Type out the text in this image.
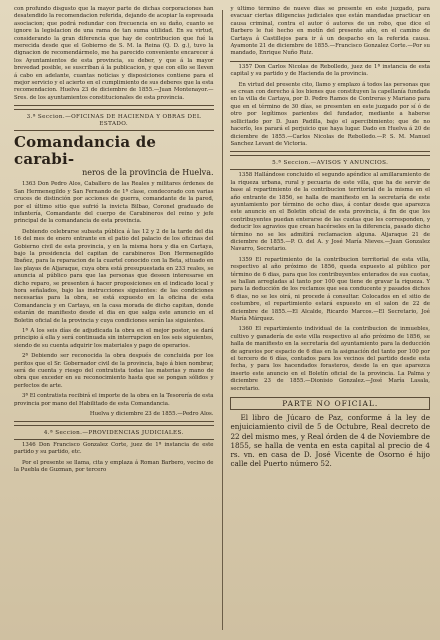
con profundo disgusto que la mayor parte de dichas corporaciones han desatendido la recomendacion referida, dejando de acopiar la espresada asociacion; que podrá redundar con frecuencia en su daño, cuanto se ignore la legislacion de una rama de tan suma utilidad. En su virtud, considerando la gran diferencia que hay de contribucion que fué la merecida desde que el Gobierno de S. M. la Reina (Q. D. g.), tuvo la dignacion de recomendármelo, me ha parecido conveniente encarecer á los Ayuntamientos de esta provincia, su deber, y que á la mayor brevedad posible, se suscriban á la publicacion, y que con ello se lleven á cabo en adelante, cuantas noticias y disposiciones contiene para el mejor servicio y el acierto en el cumplimiento de sus deberes que la esta recomendacion. Huelva 23 de diciembre de 1855.—Juan Montenayor.—Sres. de los ayuntamientos constitucionales de esta provincia.

3.ª Seccion.—OFICINAS DE HACIENDA Y OBRAS DEL ESTADO.
Comandancia de carabi-
neros de la provincia de Huelva.

1363 Don Pedro Alos, Caballero de las Reales y militares órdenes de San Hermenegildo y San Fernando de 1ª clase, condecorado con varias cruces de distinción por acciones de guerra, comandante de la pared, por el último sitio que sufrió la invicta Bilbao, Coronel graduado de infantería, Comandante del cuerpo de Carabineros del reino y jefe principal de la comandancia de esta provincia.

Debiendo celebrarse subasta pública á las 12 y 2 de la tarde del dia 16 del mes de enero entrante en el patio del palacio de los oficinas del Gobierno civil de esta provincia, y en la misma hora y dia en Cartaya, bajo la presidencia del capitan de carabineros Don Hermenegildo Ibañez, para la reparacion de la cuartel conocido con la Beta, situado en las playas de Aljaraque, cuya obra está presupuestada en 233 reales, se anuncia al público para que las personas que deseen interesarse en dicho reparo, se presenten á hacer proposiciones en el indicado local y hora señalados, bajo las instrucciones siguientes: de las condiciones necesarias para la obra, se está expuesto en la oficina de esta Comandancia y en Cartaya, en la casa morada de dicho capitan, donde estarán de manifiesto desde el dia en que salga este anuncio en el Boletin oficial de la provincia y cuya condiciones serán las siguientes.

1ª A los seis días de adjudicada la obra en el mejor postor, se dará principio á ella y será continuada sin interrupcion en los seis siguientes, siendo de su cuenta adquirir los materiales y pago de operarios.

2ª Debiendo ser reconocida la obra después de concluida por los peritos que el Sr. Gobernador civil de la provincia, bajo á bien nombrar, será de cuenta y riesgo del contratista todas las materias y mano de obra que exceder en su reconocimiento hasta que se pongan sólidos y perfectos de arte.

3ª El contratista recibirá el importe de la obra en la Tesorería de esta provincia por mano del Habilitado de esta Comandancia.

Huelva y diciembre 23 de 1855.—Pedro Alos.
4.ª Seccion.—PROVIDENCIAS JUDICIALES.

1346 Don Francisco Gonzalez Corte, juez de 1ª instancia de este partido y su partido, etc.

Por el presente se llama, cita y emplaza á Roman Barbero, vecino de la Puebla de Guzman, por tercero

y último término de nueve dias se presente en este juzgado, para evacuar ciertas diligencias judiciales que están mandadas practicar en causa criminal, contra el autor ó autores de un robo, que dice el Barbero le fué hecho en motín del presente año, en el camino de Cartaya á Castillejos para ir á un despacho en la referida causa. Ayamonte 21 de diciembre de 1855.—Francisco Gonzalez Corte.—Por su mandado, Enrique Nuño Ruiz.

1357 Don Carlos Nicolas de Rebolledo, juez de 1ª instancia de esta capital y su partido y de Hacienda de la provincia.

En virtud del presente cito, llamo y emplazo á todos las personas que se crean con derecho á los bienes que constituyen la capellanía fundada en la villa de Cartaya, por D. Pedro Ramos de Contreras y Mariano para que en el término de 30 días, se presenten en este juzgado por sí ó de otro por legítimos parientes del fundador, mediante a haberse sollicitado por D. Juan Padilla, bajo el apercibimiento; que de no hacerlo, les parará el perjuicio que haya lugar. Dado en Huelva á 20 de diciembre de 1855.—Carlos Nicolas de Rebolledo.—P. S. M. Manuel Sanchez Levant de Victoria.

5.ª Seccion.—AVISOS Y ANUNCIOS.

1358 Hallándose concluido el segundo apéndice al amillaramiento de la riqueza urbana, rural y pecuaria de este villa, que ha de servir de base al repartimiento de la contribucion territorial de la misma en el año entrante de 1856, se halla de manifiesto en la secretaría de este ayuntamiento por término de ocho dias, á contar desde que aparezca este anuncio en el Boletin oficial de esta provincia, á fin de que los contribuyentes puedan enterarse de las cuotas que les corresponden, y deducir los agravios que crean hacérseles en la diferencia, pasado dicho término no se les admitirá reclamacion alguna. Aljaraque 21 de diciembre de 1855.—P. O. del A. y José María Nieves.—Juan Gonzalez Navarro, Secretario.

1359 El repartimiento de la contribucion territorial de esta villa, respectivo al año próximo de 1856, queda expuesto al público por término de 6 dias, para que los contribuyentes enterados de sus cuotas, se hallan arregladas al tanto por 100 que tiene de gravar la riqueza. Y para la deducción de los reclamos que sea conducente y pasados dichos 6 dias, no se les oirá, ni procede á consultar. Colocados en el sitio de costumbre, el repartimiento estará expuesto en el salon de 22 de diciembre de 1855.—El Alcalde, Ricardo Marcos.—El Secretario, Joé María Márquez.

1360 El repartimiento individual de la contribucion de inmuebles, cultivo y ganadería de este villa respectivo al año próximo de 1856, se halla de manifiesto en la secretaría del ayuntamiento para la deducción de agravios por espacio de 6 dias en la asignación del tanto por 100 por el tercero de 6 días, contados para los vecinos del partido desde esta fecha, y para los hacendados forasteros, desde la en que aparezca inserto este anuncio en el Boletín oficial de la provincia. La Palma y diciembre 23 de 1855.—Dionisio Gonzalez.—José María Lasala, secretario.

PARTE NO OFICIAL.

El libro de Júcaro de Paz, conforme á la ley de enjuiciamiento civil de 5 de Octubre, Real decreto de 22 del mismo mes, y Real órden de 4 de Noviembre de 1855, se halla de venta en esta capital al precio de 4 rs. vn. en casa de D. José Vicente de Osorno é hijo calle del Puerto número 52.
